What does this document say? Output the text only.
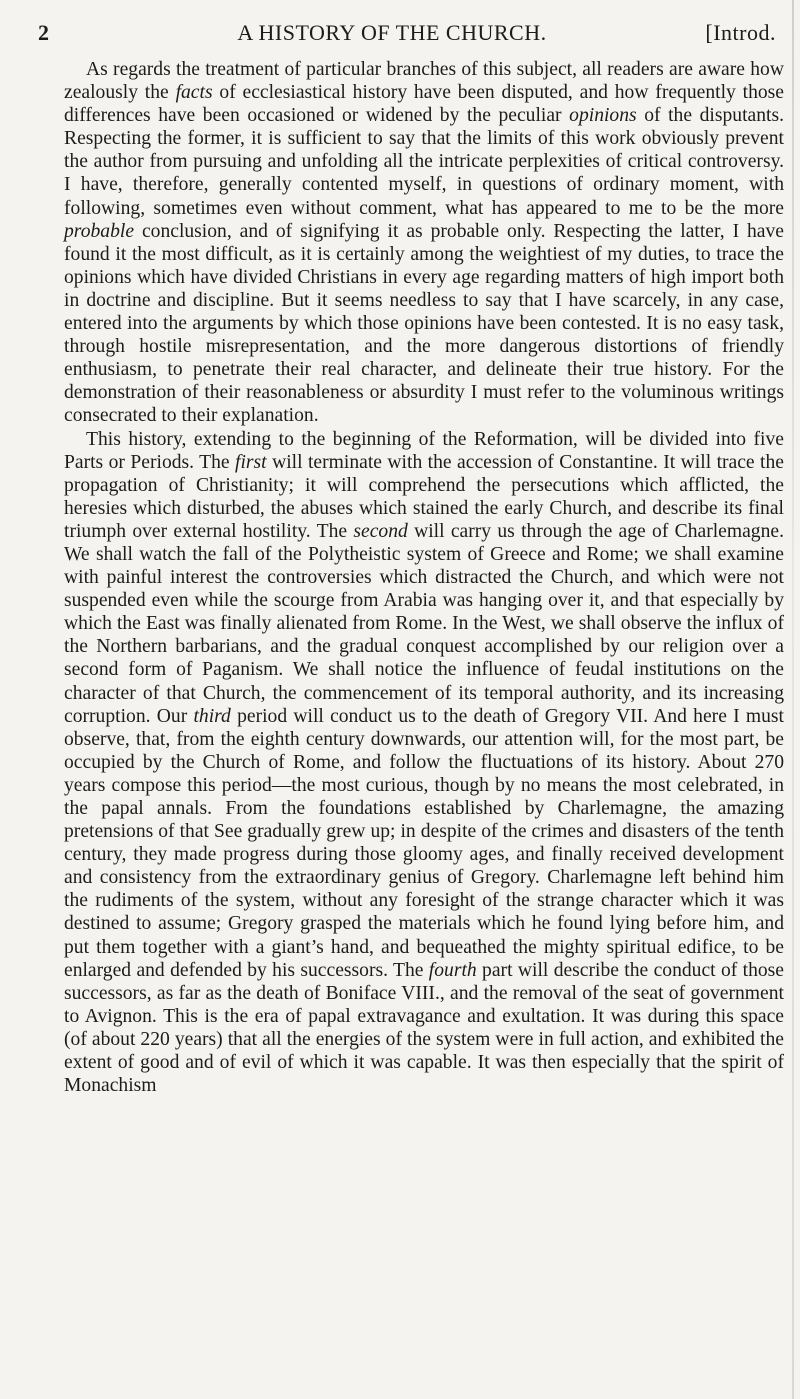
2	A HISTORY OF THE CHURCH.	[Introd.

As regards the treatment of particular branches of this subject, all readers are aware how zealously the facts of ecclesiastical history have been disputed, and how frequently those differences have been occasioned or widened by the peculiar opinions of the disputants. Respecting the former, it is sufficient to say that the limits of this work obviously prevent the author from pursuing and unfolding all the intricate perplexities of critical controversy. I have, therefore, generally contented myself, in questions of ordinary moment, with following, sometimes even without comment, what has appeared to me to be the more probable conclusion, and of signifying it as probable only. Respecting the latter, I have found it the most difficult, as it is certainly among the weightiest of my duties, to trace the opinions which have divided Christians in every age regarding matters of high import both in doctrine and discipline. But it seems needless to say that I have scarcely, in any case, entered into the arguments by which those opinions have been contested. It is no easy task, through hostile misrepresentation, and the more dangerous distortions of friendly enthusiasm, to penetrate their real character, and delineate their true history. For the demonstration of their reasonableness or absurdity I must refer to the voluminous writings consecrated to their explanation.

This history, extending to the beginning of the Reformation, will be divided into five Parts or Periods. The first will terminate with the accession of Constantine. It will trace the propagation of Christianity; it will comprehend the persecutions which afflicted, the heresies which disturbed, the abuses which stained the early Church, and describe its final triumph over external hostility. The second will carry us through the age of Charlemagne. We shall watch the fall of the Polytheistic system of Greece and Rome; we shall examine with painful interest the controversies which distracted the Church, and which were not suspended even while the scourge from Arabia was hanging over it, and that especially by which the East was finally alienated from Rome. In the West, we shall observe the influx of the Northern barbarians, and the gradual conquest accomplished by our religion over a second form of Paganism. We shall notice the influence of feudal institutions on the character of that Church, the commencement of its temporal authority, and its increasing corruption. Our third period will conduct us to the death of Gregory VII. And here I must observe, that, from the eighth century downwards, our attention will, for the most part, be occupied by the Church of Rome, and follow the fluctuations of its history. About 270 years compose this period—the most curious, though by no means the most celebrated, in the papal annals. From the foundations established by Charlemagne, the amazing pretensions of that See gradually grew up; in despite of the crimes and disasters of the tenth century, they made progress during those gloomy ages, and finally received development and consistency from the extraordinary genius of Gregory. Charlemagne left behind him the rudiments of the system, without any foresight of the strange character which it was destined to assume; Gregory grasped the materials which he found lying before him, and put them together with a giant’s hand, and bequeathed the mighty spiritual edifice, to be enlarged and defended by his successors. The fourth part will describe the conduct of those successors, as far as the death of Boniface VIII., and the removal of the seat of government to Avignon. This is the era of papal extravagance and exultation. It was during this space (of about 220 years) that all the energies of the system were in full action, and exhibited the extent of good and of evil of which it was capable. It was then especially that the spirit of Monachism
